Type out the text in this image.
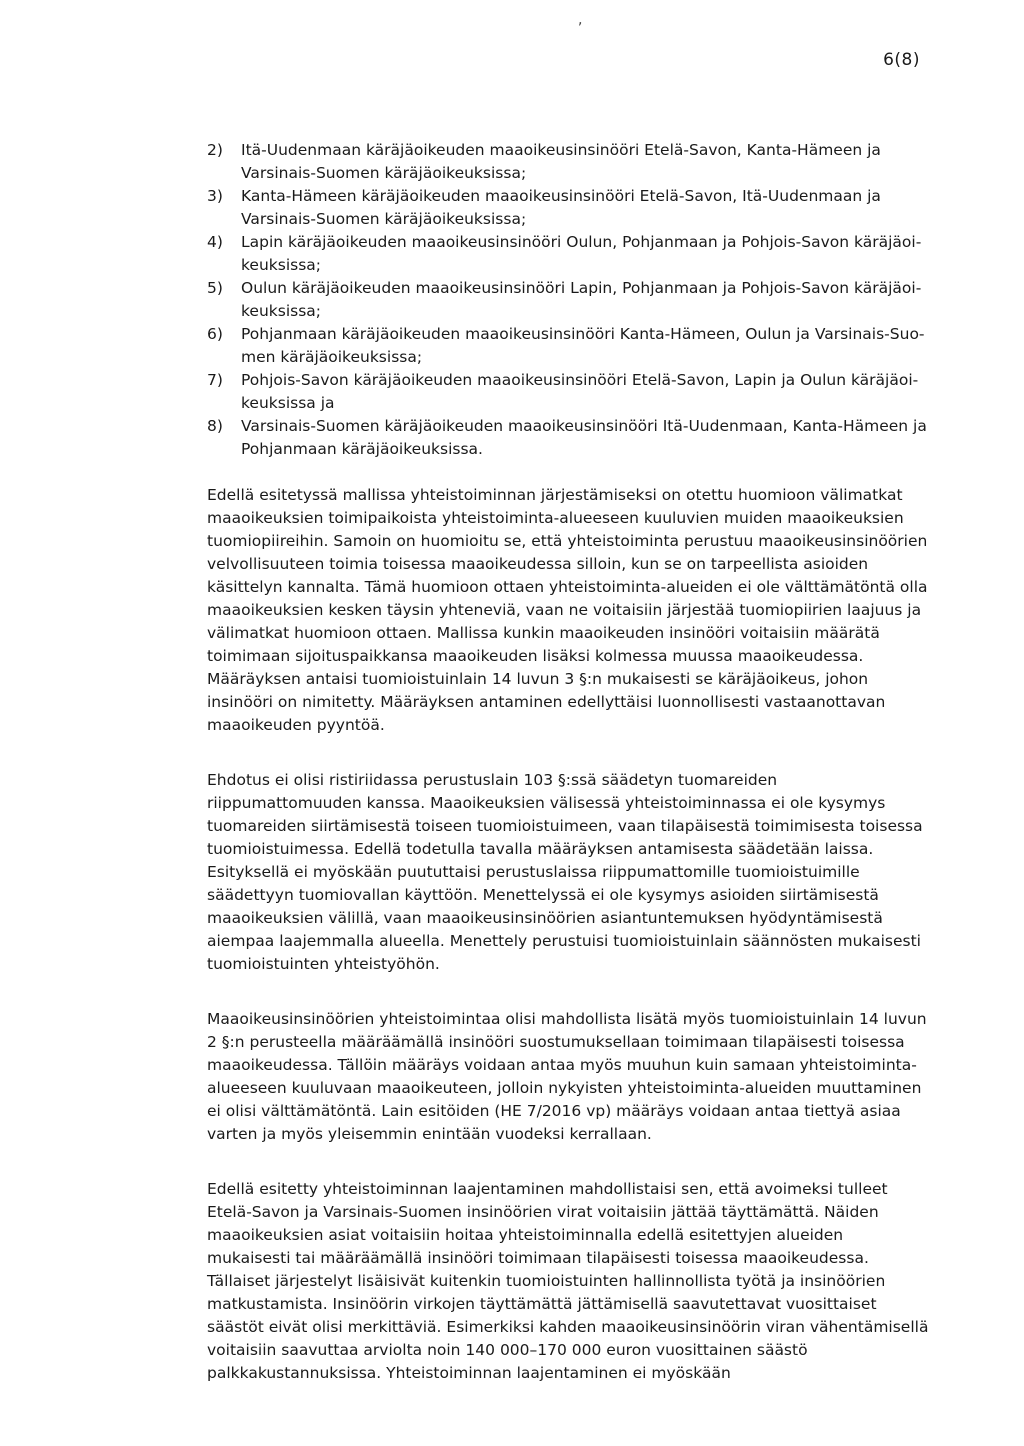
,
6(8)
2)	Itä-Uudenmaan käräjäoikeuden maaoikeusinsinööri Etelä-Savon, Kanta-Hämeen ja Varsinais-Suomen käräjäoikeuksissa;
3)	Kanta-Hämeen käräjäoikeuden maaoikeusinsinööri Etelä-Savon, Itä-Uudenmaan ja Varsinais-Suomen käräjäoikeuksissa;
4)	Lapin käräjäoikeuden maaoikeusinsinööri Oulun, Pohjanmaan ja Pohjois-Savon käräjäoikeuksissa;
5)	Oulun käräjäoikeuden maaoikeusinsinööri Lapin, Pohjanmaan ja Pohjois-Savon käräjäoikeuksissa;
6)	Pohjanmaan käräjäoikeuden maaoikeusinsinööri Kanta-Hämeen, Oulun ja Varsinais-Suomen käräjäoikeuksissa;
7)	Pohjois-Savon käräjäoikeuden maaoikeusinsinööri Etelä-Savon, Lapin ja Oulun käräjäoikeuksissa ja
8)	Varsinais-Suomen käräjäoikeuden maaoikeusinsinööri Itä-Uudenmaan, Kanta-Hämeen ja Pohjanmaan käräjäoikeuksissa.

Edellä esitetyssä mallissa yhteistoiminnan järjestämiseksi on otettu huomioon välimatkat maaoikeuksien toimipaikoista yhteistoiminta-alueeseen kuuluvien muiden maaoikeuksien tuomiopiireihin. Samoin on huomioitu se, että yhteistoiminta perustuu maaoikeusinsinöörien velvollisuuteen toimia toisessa maaoikeudessa silloin, kun se on tarpeellista asioiden käsittelyn kannalta. Tämä huomioon ottaen yhteistoiminta-alueiden ei ole välttämätöntä olla maaoikeuksien kesken täysin yhteneviä, vaan ne voitaisiin järjestää tuomiopiirien laajuus ja välimatkat huomioon ottaen. Mallissa kunkin maaoikeuden insinööri voitaisiin määrätä toimimaan sijoituspaikkansa maaoikeuden lisäksi kolmessa muussa maaoikeudessa. Määräyksen antaisi tuomioistuinlain 14 luvun 3 §:n mukaisesti se käräjäoikeus, johon insinööri on nimitetty. Määräyksen antaminen edellyttäisi luonnollisesti vastaanottavan maaoikeuden pyyntöä.

Ehdotus ei olisi ristiriidassa perustuslain 103 §:ssä säädetyn tuomareiden riippumattomuuden kanssa. Maaoikeuksien välisessä yhteistoiminnassa ei ole kysymys tuomareiden siirtämisestä toiseen tuomioistuimeen, vaan tilapäisestä toimimisesta toisessa tuomioistuimessa. Edellä todetulla tavalla määräyksen antamisesta säädetään laissa. Esityksellä ei myöskään puututtaisi perustuslaissa riippumattomille tuomioistuimille säädettyyn tuomiovallan käyttöön. Menettelyssä ei ole kysymys asioiden siirtämisestä maaoikeuksien välillä, vaan maaoikeusinsinöörien asiantuntemuksen hyödyntämisestä aiempaa laajemmalla alueella. Menettely perustuisi tuomioistuinlain säännösten mukaisesti tuomioistuinten yhteistyöhön.

Maaoikeusinsinöörien yhteistoimintaa olisi mahdollista lisätä myös tuomioistuinlain 14 luvun 2 §:n perusteella määräämällä insinööri suostumuksellaan toimimaan tilapäisesti toisessa maaoikeudessa. Tällöin määräys voidaan antaa myös muuhun kuin samaan yhteistoiminta-alueeseen kuuluvaan maaoikeuteen, jolloin nykyisten yhteistoiminta-alueiden muuttaminen ei olisi välttämätöntä. Lain esitöiden (HE 7/2016 vp) määräys voidaan antaa tiettyä asiaa varten ja myös yleisemmin enintään vuodeksi kerrallaan.

Edellä esitetty yhteistoiminnan laajentaminen mahdollistaisi sen, että avoimeksi tulleet Etelä-Savon ja Varsinais-Suomen insinöörien virat voitaisiin jättää täyttämättä. Näiden maaoikeuksien asiat voitaisiin hoitaa yhteistoiminnalla edellä esitettyjen alueiden mukaisesti tai määräämällä insinööri toimimaan tilapäisesti toisessa maaoikeudessa. Tällaiset järjestelyt lisäisivät kuitenkin tuomioistuinten hallinnollista työtä ja insinöörien matkustamista. Insinöörin virkojen täyttämättä jättämisellä saavutettavat vuosittaiset säästöt eivät olisi merkittäviä. Esimerkiksi kahden maaoikeusinsinöörin viran vähentämisellä voitaisiin saavuttaa arviolta noin 140 000–170 000 euron vuosittainen säästö palkkakustannuksissa. Yhteistoiminnan laajentaminen ei myöskään
